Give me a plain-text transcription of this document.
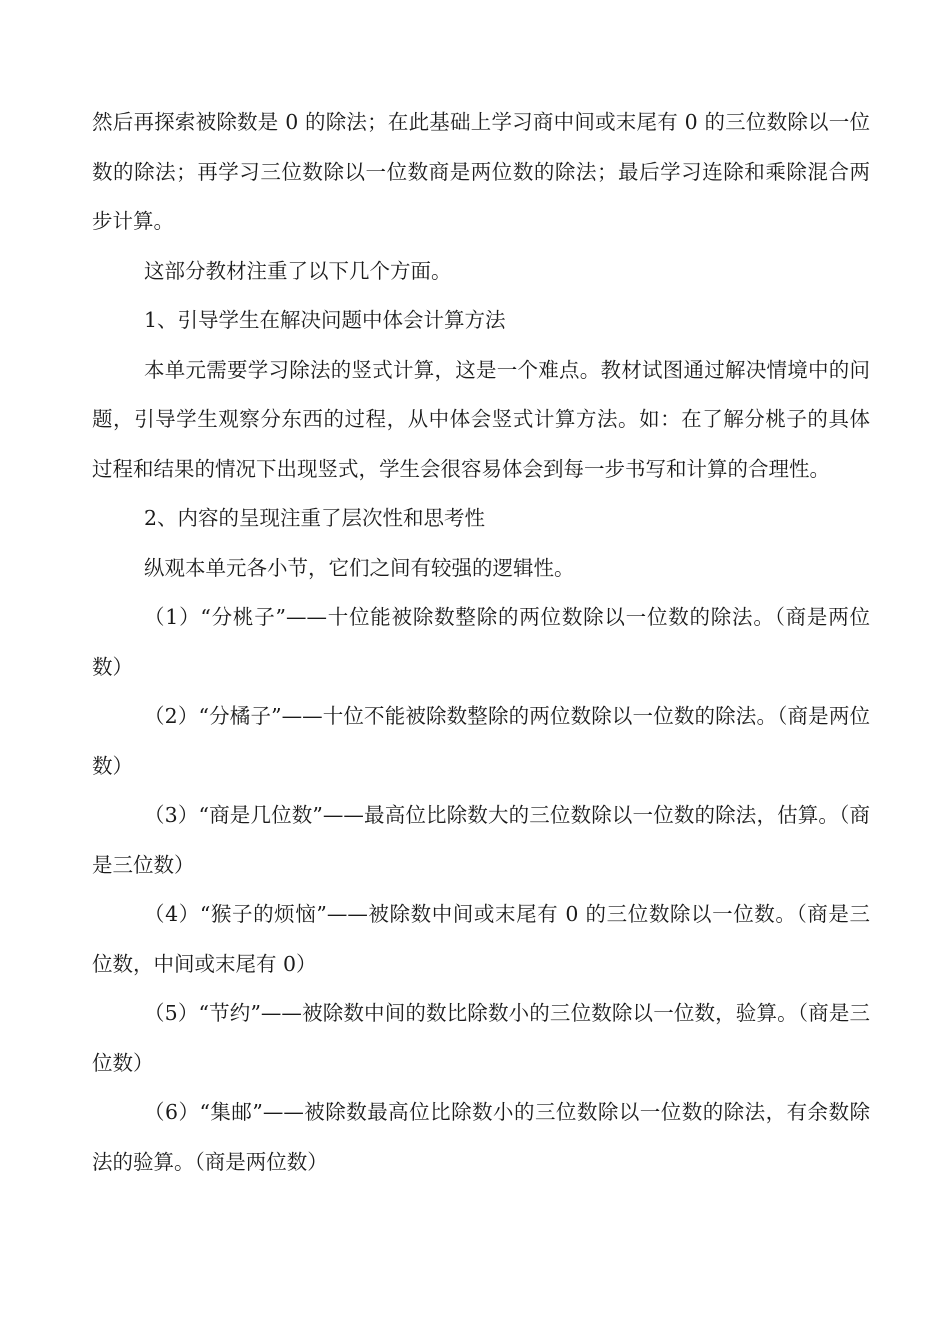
然后再探索被除数是 0 的除法；在此基础上学习商中间或末尾有 0 的三位数除以一位数的除法；再学习三位数除以一位数商是两位数的除法；最后学习连除和乘除混合两步计算。

这部分教材注重了以下几个方面。

1、引导学生在解决问题中体会计算方法

本单元需要学习除法的竖式计算，这是一个难点。教材试图通过解决情境中的问题，引导学生观察分东西的过程，从中体会竖式计算方法。如：在了解分桃子的具体过程和结果的情况下出现竖式，学生会很容易体会到每一步书写和计算的合理性。

2、内容的呈现注重了层次性和思考性

纵观本单元各小节，它们之间有较强的逻辑性。

（1）“分桃子”——十位能被除数整除的两位数除以一位数的除法。（商是两位数）

（2）“分橘子”——十位不能被除数整除的两位数除以一位数的除法。（商是两位数）

（3）“商是几位数”——最高位比除数大的三位数除以一位数的除法，估算。（商是三位数）

（4）“猴子的烦恼”——被除数中间或末尾有 0 的三位数除以一位数。（商是三位数，中间或末尾有 0）

（5）“节约”——被除数中间的数比除数小的三位数除以一位数，验算。（商是三位数）

（6）“集邮”——被除数最高位比除数小的三位数除以一位数的除法，有余数除法的验算。（商是两位数）
